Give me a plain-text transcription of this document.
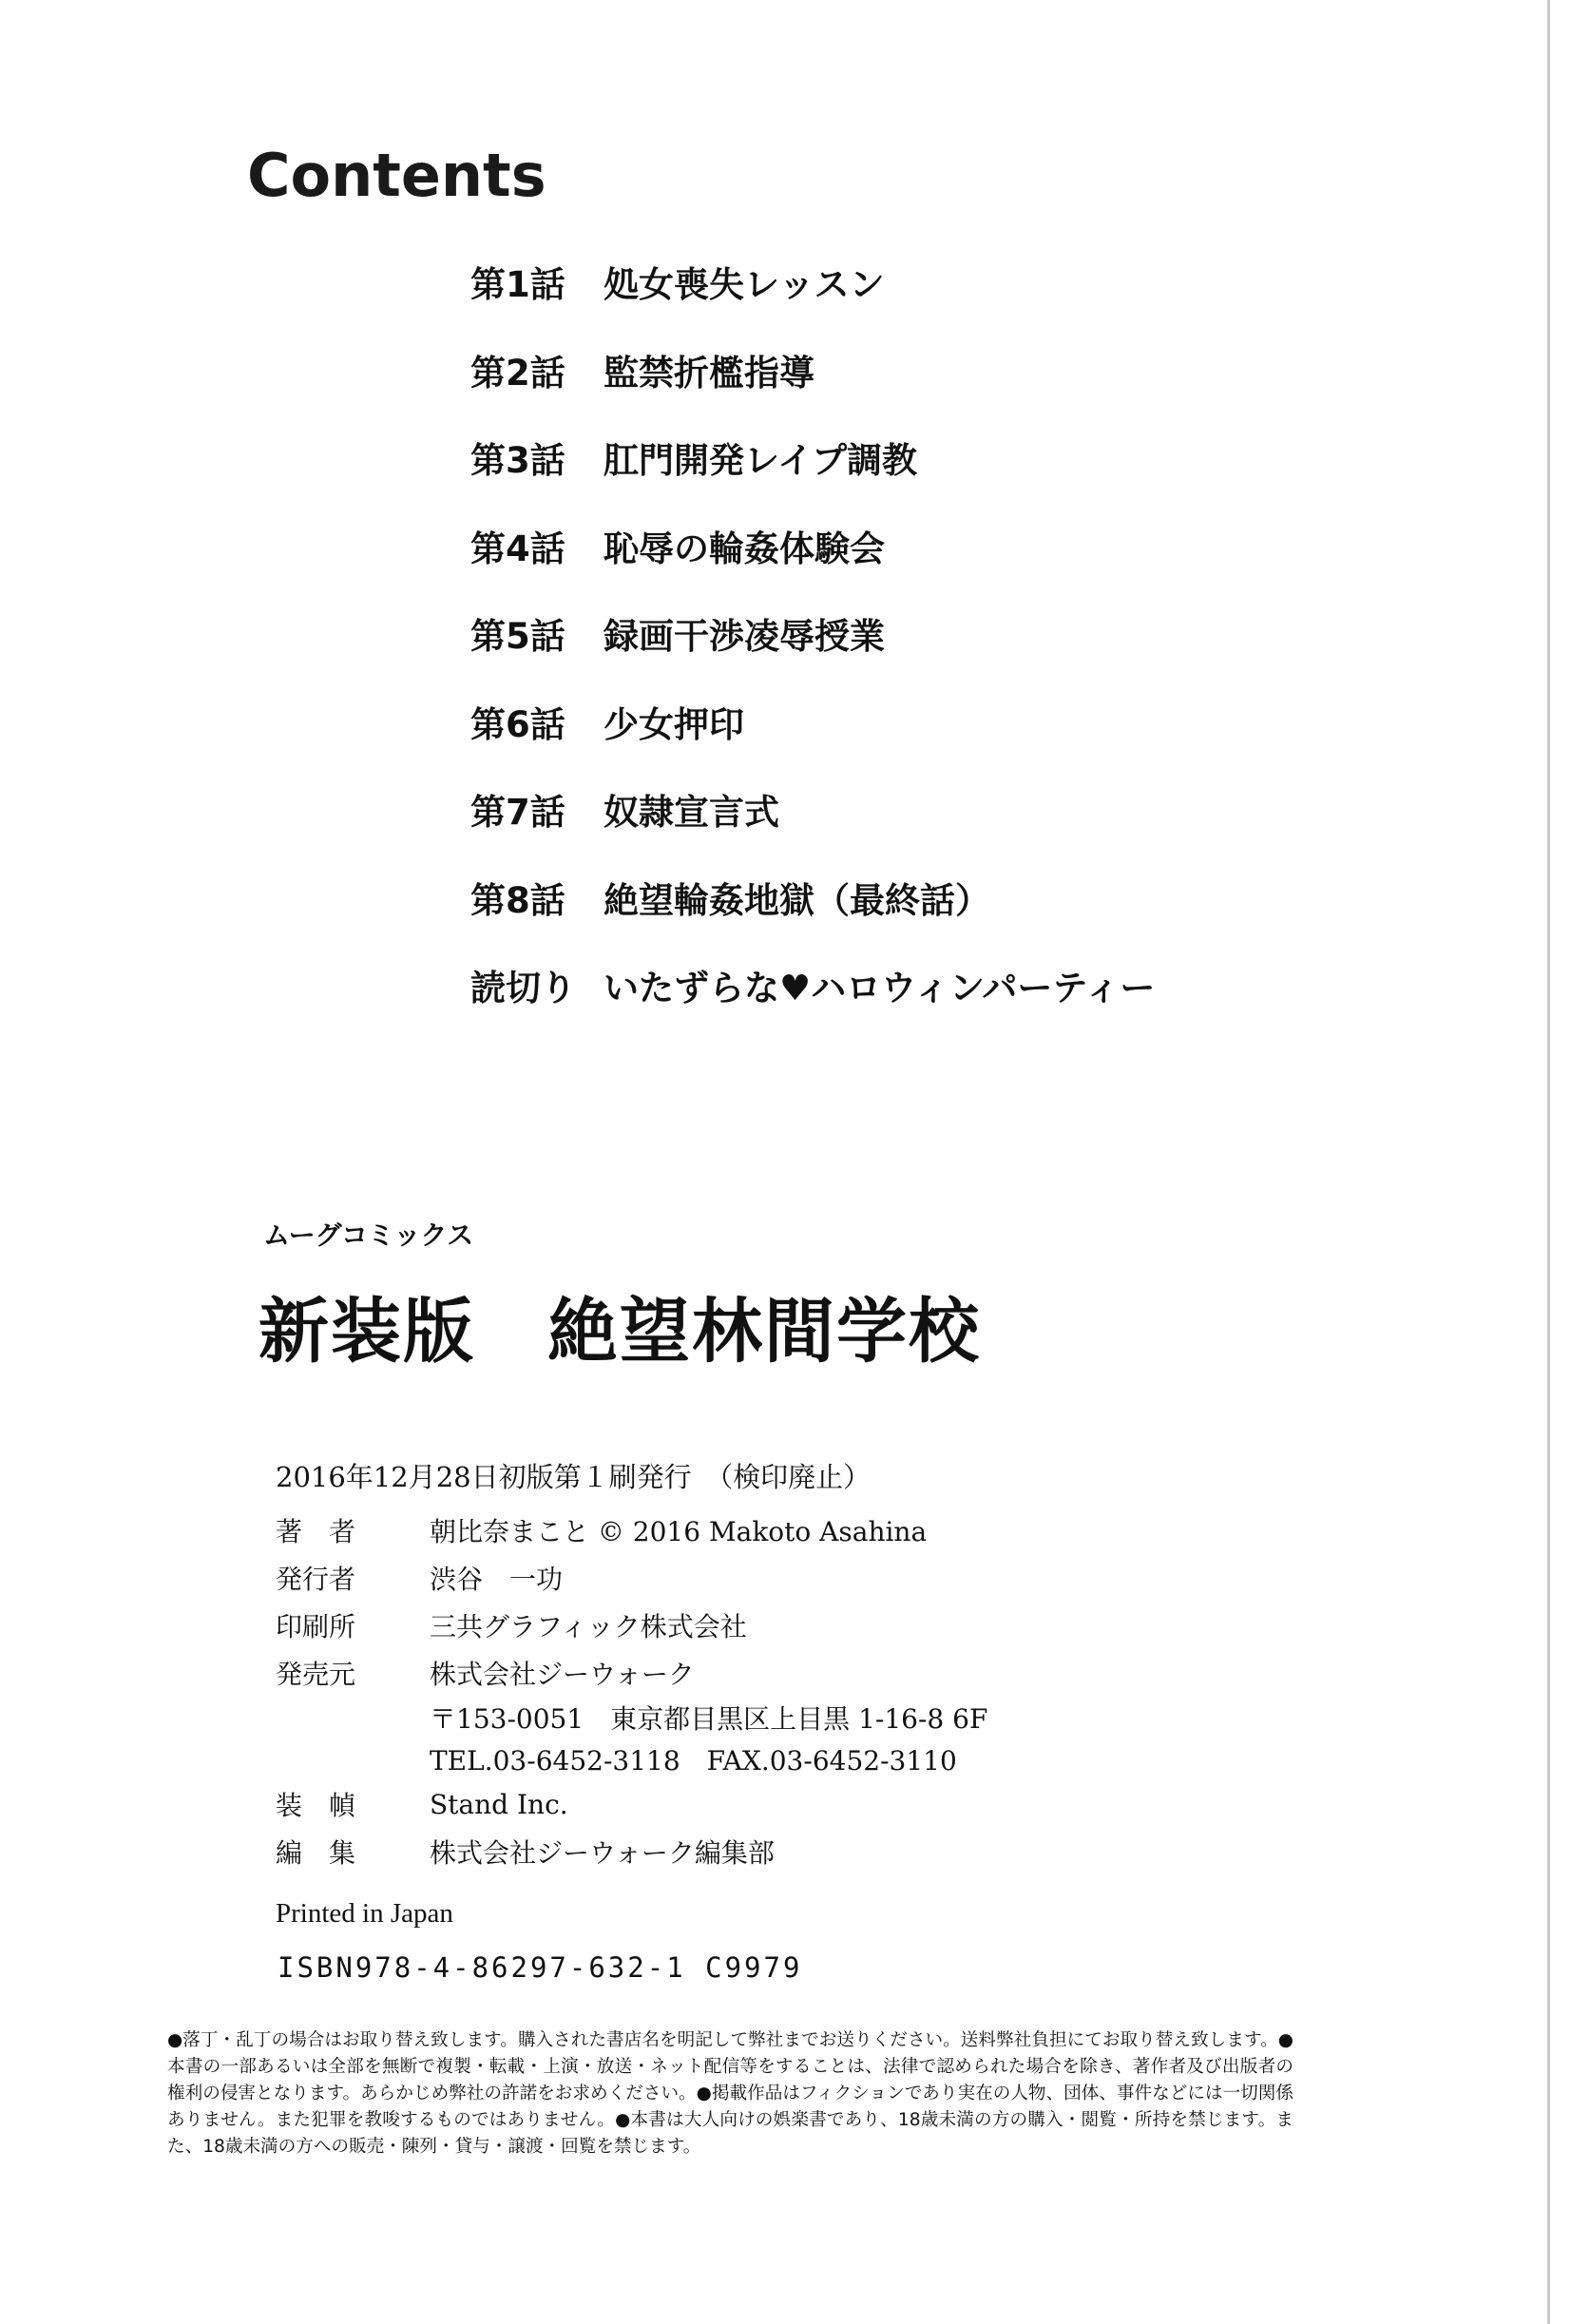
Contents
第1話	処女喪失レッスン
第2話	監禁折檻指導
第3話	肛門開発レイプ調教
第4話	恥辱の輪姦体験会
第5話	録画干渉凌辱授業
第6話	少女押印
第7話	奴隷宣言式
第8話	絶望輪姦地獄（最終話）
読切り いたずらな♥ハロウィンパーティー
ムーグコミックス
新装版　絶望林間学校
2016年12月28日初版第１刷発行　（検印廃止）
著　者	朝比奈まこと © 2016 Makoto Asahina
発行者	渋谷　一功
印刷所	三共グラフィック株式会社
発売元	株式会社ジーウォーク
〒153-0051　東京都目黒区上目黒 1-16-8 6F
TEL.03-6452-3118　FAX.03-6452-3110
装　幀	Stand Inc.
編　集	株式会社ジーウォーク編集部
Printed in Japan
ISBN978-4-86297-632-1 C9979
●落丁・乱丁の場合はお取り替え致します。購入された書店名を明記して弊社までお送りください。送料弊社負担にてお取り替え致します。●本書の一部あるいは全部を無断で複製・転載・上演・放送・ネット配信等をすることは、法律で認められた場合を除き、著作者及び出版者の権利の侵害となります。あらかじめ弊社の許諾をお求めください。●掲載作品はフィクションであり実在の人物、団体、事件などには一切関係ありません。また犯罪を教唆するものではありません。●本書は大人向けの娯楽書であり、18歳未満の方の購入・閲覧・所持を禁じます。また、18歳未満の方への販売・陳列・貸与・譲渡・回覧を禁じます。
